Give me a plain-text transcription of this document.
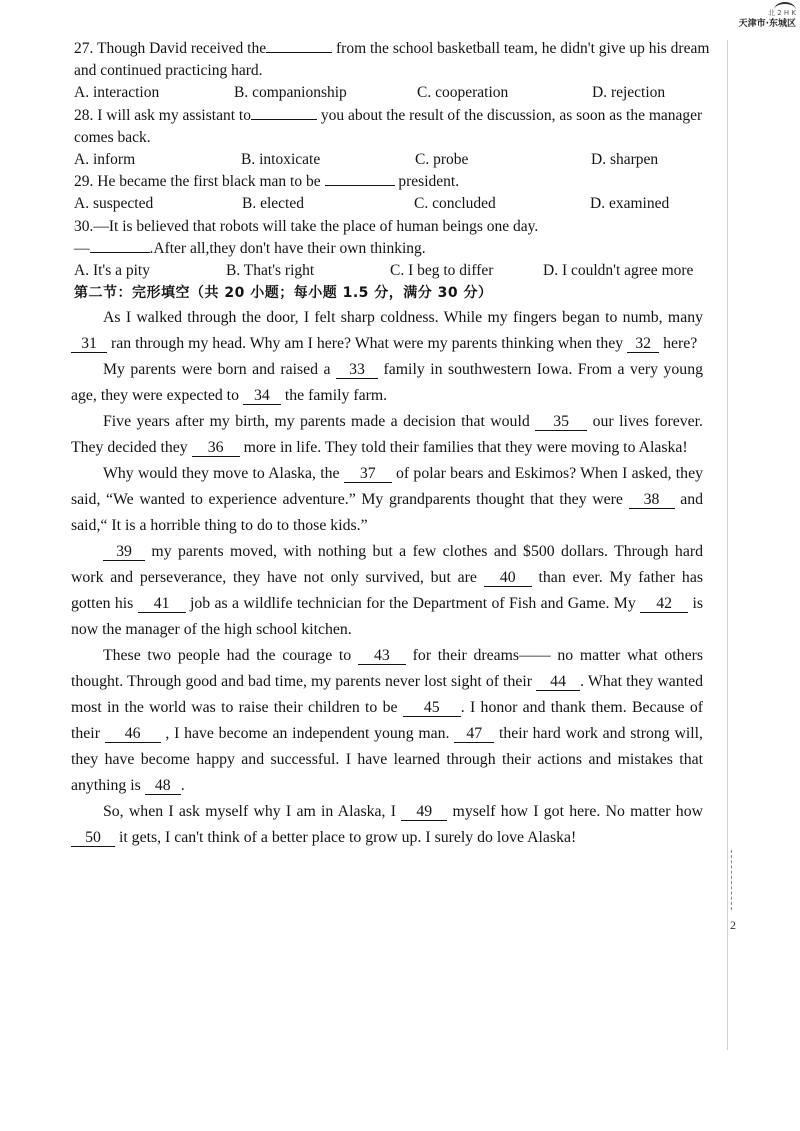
北 2 H K
天津市·东城区
2

27. Though David received the	from the school basketball team, he didn't give up his dream and continued practicing hard.

A. interaction	B. companionship	C. cooperation	D. rejection

28. I will ask my assistant to	you about the result of the discussion, as soon as the manager comes back.

A. inform	B. intoxicate	C. probe	D. sharpen

29. He became the first black man to be	president.

A. suspected	B. elected	C. concluded	D. examined

30.—It is believed that robots will take the place of human beings one day.

—	.After all,they don't have their own thinking.

A. It's a pity	B. That's right	C. I beg to differ	D. I couldn't agree more

第二节：完形填空（共 20 小题；每小题 1.5 分，满分 30 分）

As I walked through the door, I felt sharp coldness. While my fingers began to numb, many 31 ran through my head. Why am I here? What were my parents thinking when they 32 here?

My parents were born and raised a 33 family in southwestern Iowa. From a very young age, they were expected to 34 the family farm.

Five years after my birth, my parents made a decision that would 35 our lives forever. They decided they 36 more in life. They told their families that they were moving to Alaska!

Why would they move to Alaska, the 37 of polar bears and Eskimos? When I asked, they said, “We wanted to experience adventure.” My grandparents thought that they were 38 and said,“ It is a horrible thing to do to those kids.”

39 my parents moved, with nothing but a few clothes and $500 dollars. Through hard work and perseverance, they have not only survived, but are 40 than ever. My father has gotten his 41 job as a wildlife technician for the Department of Fish and Game. My 42 is now the manager of the high school kitchen.

These two people had the courage to 43 for their dreams—— no matter what others thought. Through good and bad time, my parents never lost sight of their 44 . What they wanted most in the world was to raise their children to be 45 . I honor and thank them. Because of their 46 , I have become an independent young man. 47 their hard work and strong will, they have become happy and successful. I have learned through their actions and mistakes that anything is 48 .

So, when I ask myself why I am in Alaska, I 49 myself how I got here. No matter how 50 it gets, I can't think of a better place to grow up. I surely do love Alaska!
